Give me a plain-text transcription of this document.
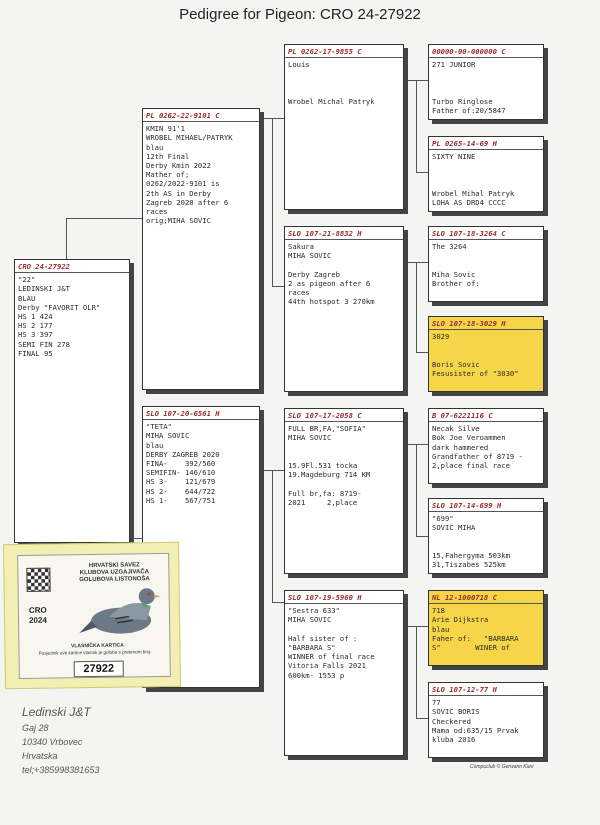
Pedigree for Pigeon: CRO 24-27922
CRO 24-27922
"22"
LEDINSKI J&T
BLAU
Derby "FAVORIT OLR"
HS 1 424
HS 2 177
HS 3 397
SEMI FIN 278
FINAL 95
PL 0262-22-9101 C
KMIN 91'1
WROBEL MIHAEL/PATRYK
blau
12th Final
Derby Kmin 2022
Mather of;
0262/2022-9101 is
2th AS in Derby
Zagreb 2020 after 6
races
orig;MIHA SOVIC
SLO 107-20-6561 H
"TETA"
MIHA SOVIC
blau
DERBY ZAGREB 2020
FINA-    392/560
SEMIFIN- 146/610
HS 3-    121/679
HS 2-    644/722
HS 1-    567/751
PL 0262-17-9855 C
Louis
Wrobel Michal Patryk
SLO 107-21-8832 H
Sakura
MIHA SOVIC
Derby Zagreb
2 as pigeon after 6
races
44th hotspot 3 270km
SLO 107-17-2058 C
FULL BR,FA,"SOFIA"
MIHA SOVIC
15.9Fl.531 tocka
19.Magdeburg 714 KM
Full br,fa: 8719-
2021     2,place
SLO 107-19-5960 H
"Sestra 633"
MIHA SOVIC
Half sister of :
"BARBARA S"
WINNER of final race
Vitoria Falls 2021
600km- 1553 p
00000-00-000000 C
271 JUNIOR
Turbo Ringlose
Father of:20/5847
PL 0265-14-69 H
SIXTY NINE
Wrobel Mihal Patryk
LOHA AS DRD4 CCCC
SLO 107-18-3264 C
The 3264
Miha Sovic
Brother of:
SLO 107-18-3029 H
3029
Boris Sovic
Fesusister of "3030"
B 07-6221116 C
Necak Silve
Bok Joe Veroammen
dark hammered
Grandfather of 8719 -
2,place final race
SLO 107-14-699 H
"699"
SOVIC MIHA
15,Fahergyma 503km
31,Tiszabes 525km
NL 12-1000718 C
718
Arie Dijkstra
blau
Faher of:   "BARBARA
S"        WINER of
SLO 107-12-77 H
77
SOVIC BORIS
Checkered
Mama od:635/15 Prvak
kluba 2016
HRVATSKI SAVEZ
KLUBOVA UZGAJIVAČA
GOLUBOVA LISTONOŠA
CRO
2024
VLASNIČKA KARTICA
Posjednik ove kartice vlasnik je goluba s pretenom broj
27922
Ledinski J&T
Gaj 28
10340 Vrbovec
Hrvatska
tel;+385998381653	Compuclub © Gerwann Kani
